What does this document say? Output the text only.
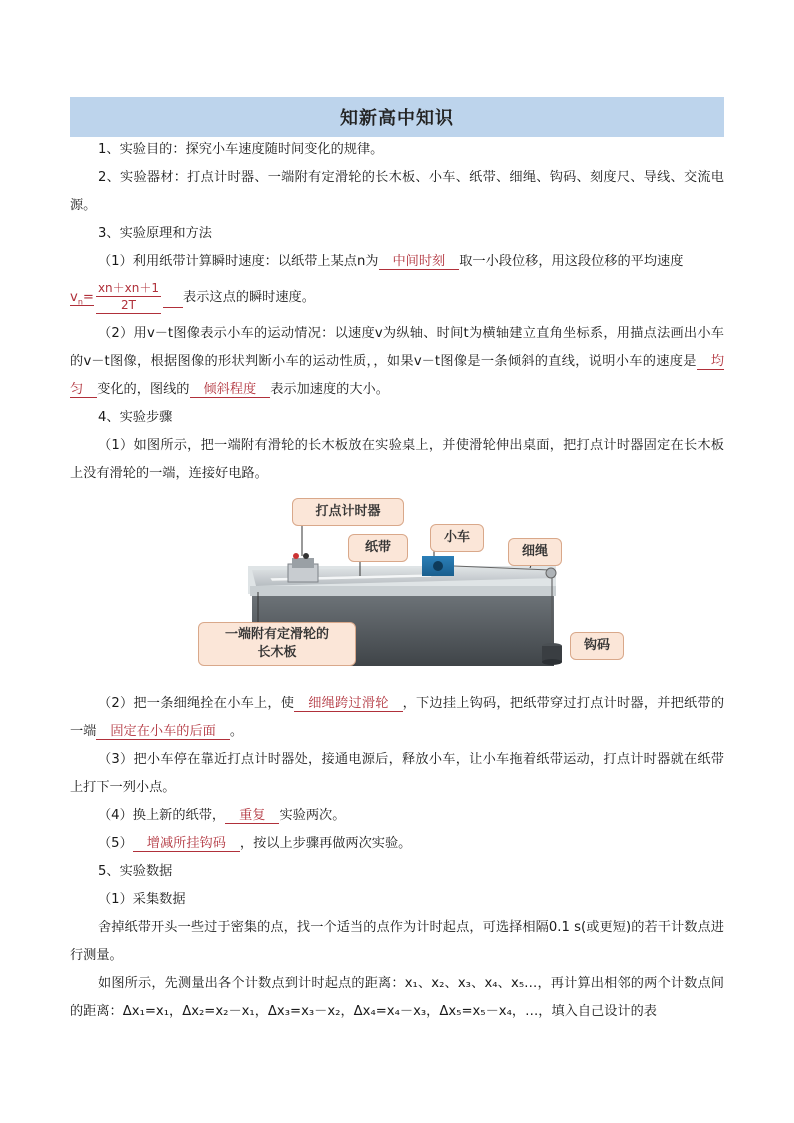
知新高中知识

1、实验目的：探究小车速度随时间变化的规律。

2、实验器材：打点计时器、一端附有定滑轮的长木板、小车、纸带、细绳、钩码、刻度尺、导线、交流电源。

3、实验原理和方法

（1）利用纸带计算瞬时速度：以纸带上某点n为 中间时刻 取一小段位移，用这段位移的平均速度

$v_n= \frac{xn+xn+1}{2T}$ 表示这点的瞬时速度。

（2）用v－t图像表示小车的运动情况：以速度v为纵轴、时间t为横轴建立直角坐标系，用描点法画出小车的v－t图像，根据图像的形状判断小车的运动性质，，如果v－t图像是一条倾斜的直线，说明小车的速度是 均匀 变化的，图线的 倾斜程度 表示加速度的大小。

4、实验步骤

（1）如图所示，把一端附有滑轮的长木板放在实验桌上，并使滑轮伸出桌面，把打点计时器固定在长木板上没有滑轮的一端，连接好电路。

打点计时器
纸带
小车
细绳
一端附有定滑轮的
长木板	钩码

（2）把一条细绳拴在小车上，使 细绳跨过滑轮 ，下边挂上钩码，把纸带穿过打点计时器，并把纸带的一端 固定在小车的后面 。

（3）把小车停在靠近打点计时器处，接通电源后，释放小车，让小车拖着纸带运动，打点计时器就在纸带上打下一列小点。

（4）换上新的纸带， 重复 实验两次。

（5） 增减所挂钩码 ，按以上步骤再做两次实验。

5、实验数据

（1）采集数据

舍掉纸带开头一些过于密集的点，找一个适当的点作为计时起点，可选择相隔0.1 s(或更短)的若干计数点进行测量。

如图所示，先测量出各个计数点到计时起点的距离：x₁、x₂、x₃、x₄、x₅…，再计算出相邻的两个计数点间的距离：Δx₁=x₁，Δx₂=x₂－x₁，Δx₃=x₃－x₂，Δx₄=x₄－x₃，Δx₅=x₅－x₄，…，填入自己设计的表
